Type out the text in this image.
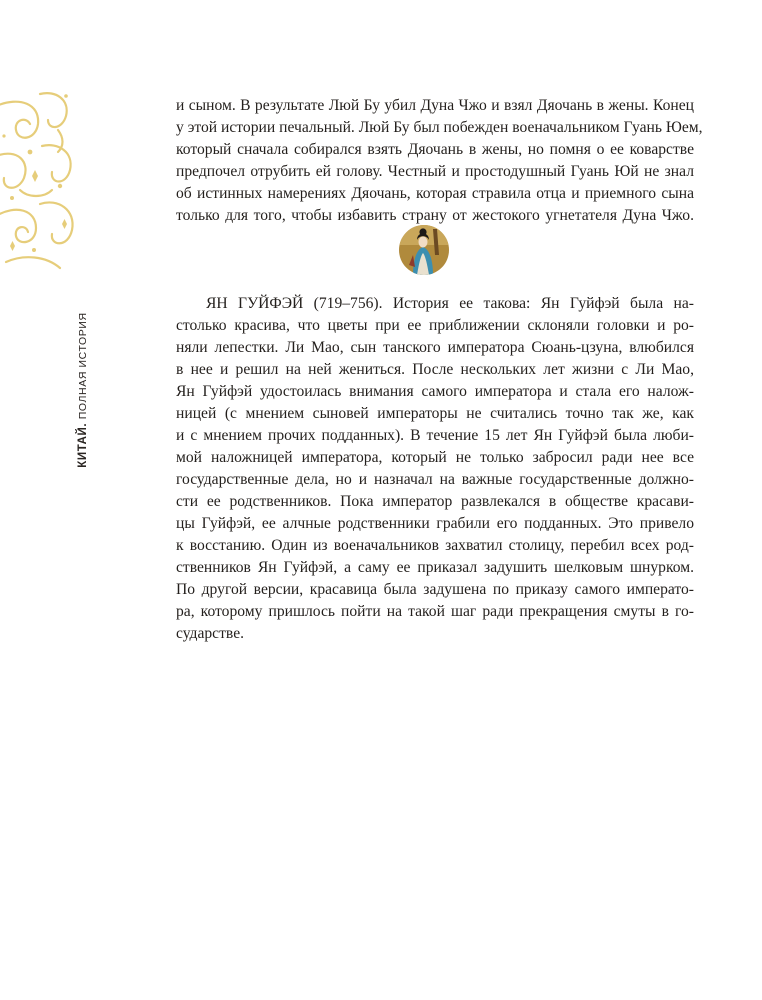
КИТАЙ. ПОЛНАЯ ИСТОРИЯ
и сыном. В результате Люй Бу убил Дуна Чжо и взял Дяочань в жены. Конец
у этой истории печальный. Люй Бу был побежден военачальником Гуань Юем,
который сначала собирался взять Дяочань в жены, но помня о ее коварстве
предпочел отрубить ей голову. Честный и простодушный Гуань Юй не знал
об истинных намерениях Дяочань, которая стравила отца и приемного сына
только для того, чтобы избавить страну от жестокого угнетателя Дуна Чжо.
ЯН ГУЙФЭЙ (719–756). История ее такова: Ян Гуйфэй была на-
столько красива, что цветы при ее приближении склоняли головки и ро-
няли лепестки. Ли Мао, сын танского императора Сюань-цзуна, влюбился
в нее и решил на ней жениться. После нескольких лет жизни с Ли Мао,
Ян Гуйфэй удостоилась внимания самого императора и стала его налож-
ницей (с мнением сыновей императоры не считались точно так же, как
и с мнением прочих подданных). В течение 15 лет Ян Гуйфэй была люби-
мой наложницей императора, который не только забросил ради нее все
государственные дела, но и назначал на важные государственные должно-
сти ее родственников. Пока император развлекался в обществе красави-
цы Гуйфэй, ее алчные родственники грабили его подданных. Это привело
к восстанию. Один из военачальников захватил столицу, перебил всех род-
ственников Ян Гуйфэй, а саму ее приказал задушить шелковым шнурком.
По другой версии, красавица была задушена по приказу самого императо-
ра, которому пришлось пойти на такой шаг ради прекращения смуты в го-
сударстве.
